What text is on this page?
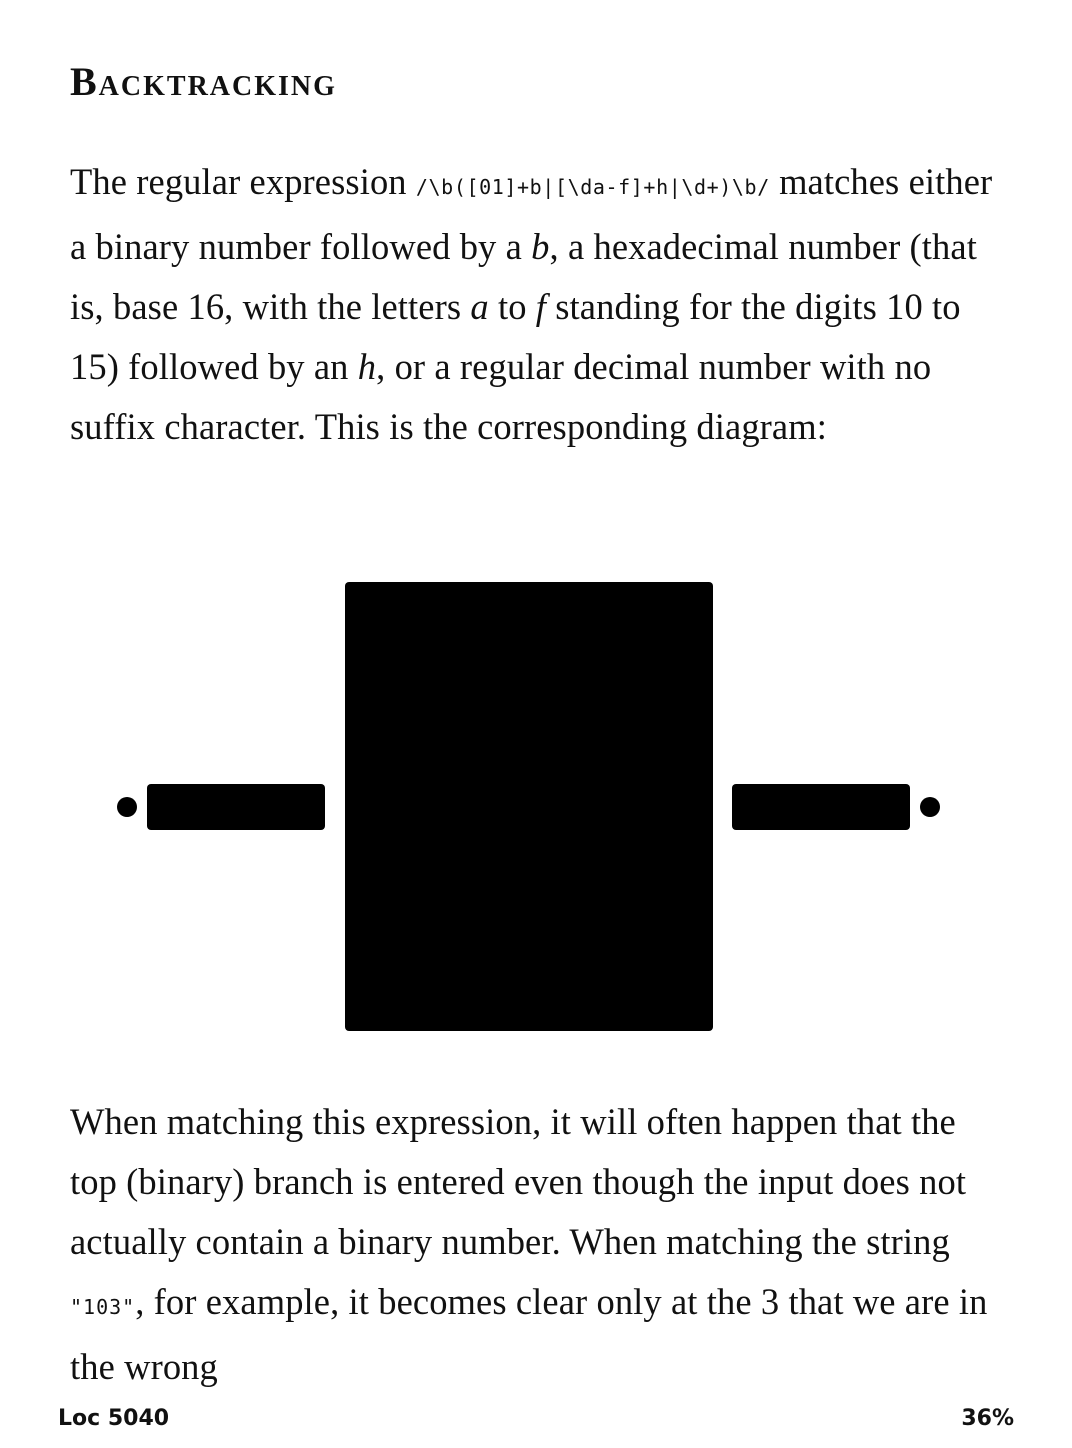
Backtracking

The regular expression /\b([01]+b|[\da-f]+h|\d+)\b/ matches either a binary number followed by a b, a hexadecimal number (that is, base 16, with the letters a to f standing for the digits 10 to 15) followed by an h, or a regular decimal number with no suffix character. This is the corresponding diagram:

When matching this expression, it will often happen that the top (binary) branch is entered even though the input does not actually contain a binary number. When matching the string "103", for example, it becomes clear only at the 3 that we are in the wrong

Loc 5040	36%
